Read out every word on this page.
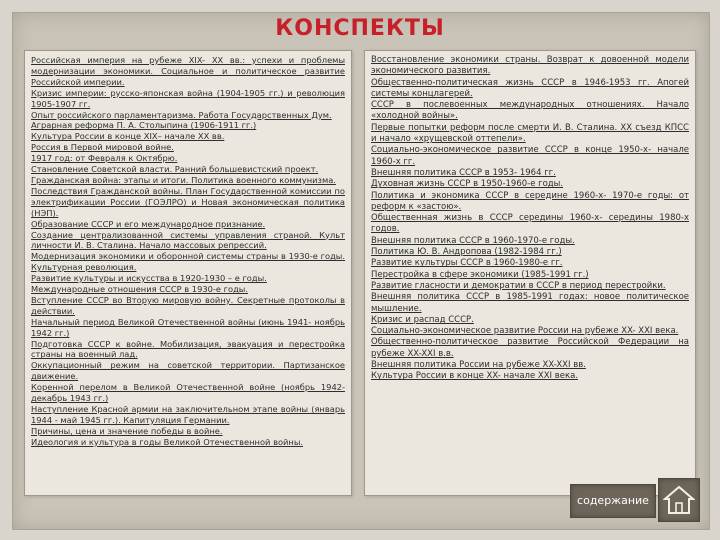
КОНСПЕКТЫ
Российская империя на рубеже XIX- XX вв.: успехи и проблемы модернизации экономики. Социальное и политическое развитие Российской империи.
Кризис империи: русско-японская война (1904-1905 гг.) и революция 1905-1907 гг.
Опыт российского парламентаризма. Работа Государственных Дум.
Аграрная реформа П. А. Столыпина (1906-1911 гг.)
Культура России в конце XIX– начале XX вв.
Россия в Первой мировой войне.
1917 год: от Февраля к Октябрю.
Становление Советской власти. Ранний большевистский проект.
Гражданская война: этапы и итоги. Политика военного коммунизма.
Последствия Гражданской войны. План Государственной комиссии по электрификации России (ГОЭЛРО) и Новая экономическая политика (НЭП).
Образование СССР и его международное признание.
Создание централизованной системы управления страной. Культ личности И. В. Сталина. Начало массовых репрессий.
Модернизация экономики и оборонной системы страны в 1930-е годы. Культурная революция.
Развитие культуры и искусства в 1920-1930 – е годы.
Международные отношения СССР в 1930-е годы.
Вступление СССР во Вторую мировую войну. Секретные протоколы в действии.
Начальный период Великой Отечественной войны (июнь 1941- ноябрь 1942 гг.)
Подготовка СССР к войне. Мобилизация, эвакуация и перестройка страны на военный лад.
Оккупационный режим на советской территории. Партизанское движение.
Коренной перелом в Великой Отечественной войне (ноябрь 1942- декабрь 1943 гг.)
Наступление Красной армии на заключительном этапе войны (январь 1944 - май 1945 гг.). Капитуляция Германии.
Причины, цена и значение победы в войне.
Идеология и культура в годы Великой Отечественной войны.
Восстановление экономики страны. Возврат к довоенной модели экономического развития.
Общественно-политическая жизнь СССР в 1946-1953 гг. Апогей системы концлагерей.
СССР в послевоенных международных отношениях. Начало «холодной войны».
Первые попытки реформ после смерти И. В. Сталина. XX съезд КПСС и начало «хрущевской оттепели».
Социально-экономическое развитие СССР в конце 1950-х- начале 1960-х гг.
Внешняя политика СССР в 1953- 1964 гг.
Духовная жизнь СССР в 1950-1960-е годы.
Политика и экономика СССР в середине 1960-х- 1970-е годы: от реформ к «застою».
Общественная жизнь в СССР середины 1960-х- середины 1980-х годов.
Внешняя политика СССР в 1960-1970-е годы.
Политика Ю. В. Андропова (1982-1984 гг.)
Развитие культуры СССР в 1960-1980-е гг.
Перестройка в сфере экономики (1985-1991 гг.)
Развитие гласности и демократии в СССР в период перестройки.
Внешняя политика СССР в 1985-1991 годах: новое политическое мышление.
Кризис и распад СССР.
Социально-экономическое развитие России на рубеже XX- XXI века.
Общественно-политическое развитие Российской Федерации на рубеже XX-XXI в.в.
Внешняя политика России на рубеже XX-XXI вв.
Культура России в конце XX- начале XXI века.
содержание
